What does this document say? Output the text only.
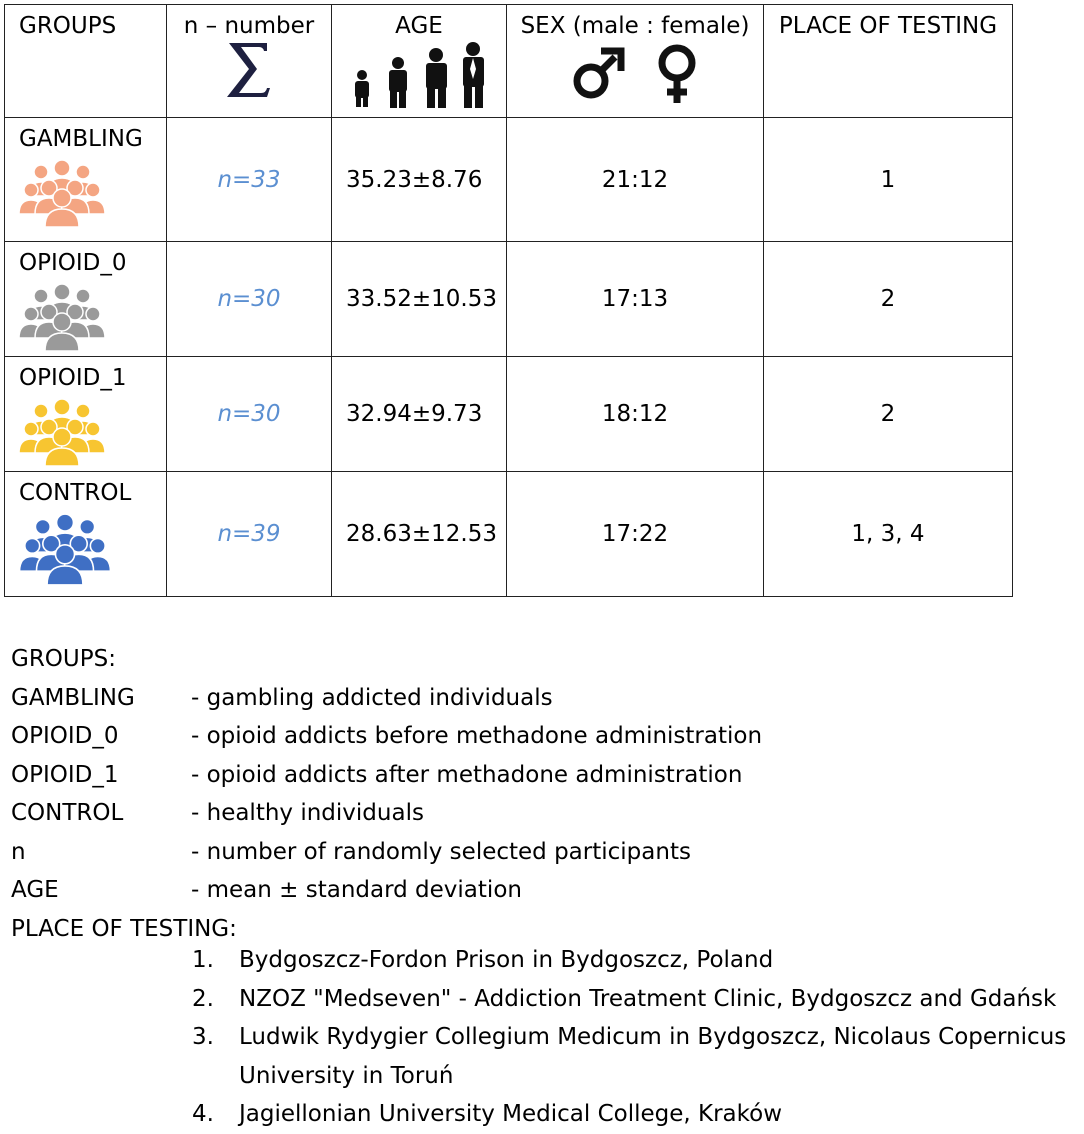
GROUPS	n – number	AGE	SEX (male : female)	PLACE OF TESTING

GAMBLING	n=33	35.23±8.76	21:12	1

OPIOID_0	n=30	33.52±10.53	17:13	2

OPIOID_1	n=30	32.94±9.73	18:12	2

CONTROL	n=39	28.63±12.53	17:22	1, 3, 4
GROUPS:
GAMBLING	- gambling addicted individuals
OPIOID_0	- opioid addicts before methadone administration
OPIOID_1	- opioid addicts after methadone administration
CONTROL	- healthy individuals
n	- number of randomly selected participants
AGE	- mean ± standard deviation
PLACE OF TESTING:
1.	Bydgoszcz-Fordon Prison in Bydgoszcz, Poland
2.	NZOZ "Medseven" - Addiction Treatment Clinic, Bydgoszcz and Gdańsk
3.	Ludwik Rydygier Collegium Medicum in Bydgoszcz, Nicolaus Copernicus University in Toruń
4.	Jagiellonian University Medical College, Kraków
